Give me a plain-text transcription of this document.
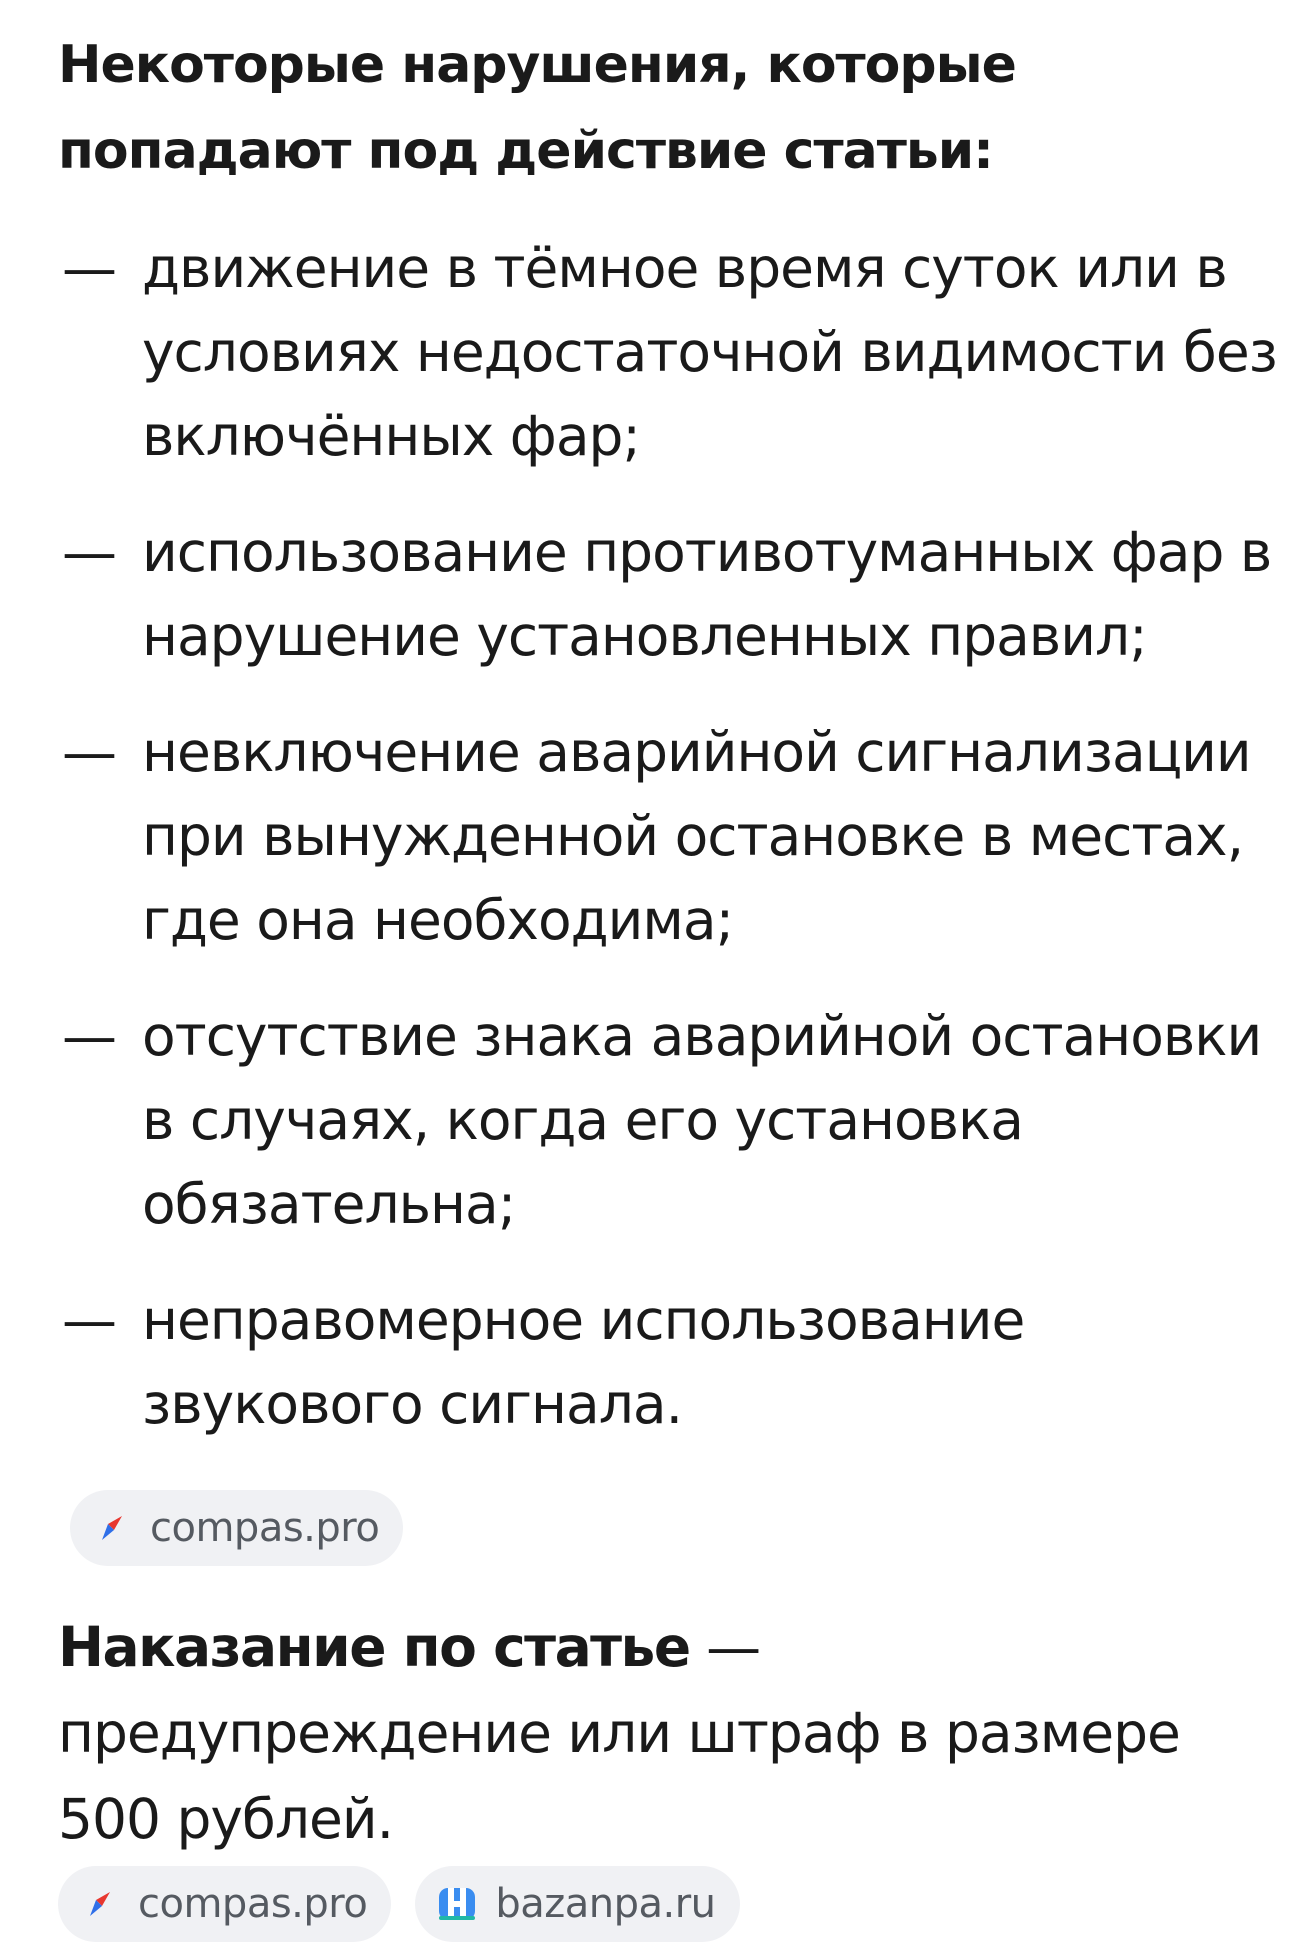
Некоторые нарушения, которые попадают под действие статьи:
— движение в тёмное время суток или в условиях недостаточной видимости без включённых фар;
— использование противотуманных фар в нарушение установленных правил;
— невключение аварийной сигнализации при вынужденной остановке в местах, где она необходима;
— отсутствие знака аварийной остановки в случаях, когда его установка обязательна;
— неправомерное использование звукового сигнала.
compas.pro
Наказание по статье — предупреждение или штраф в размере 500 рублей.
compas.pro	bazanpa.ru
